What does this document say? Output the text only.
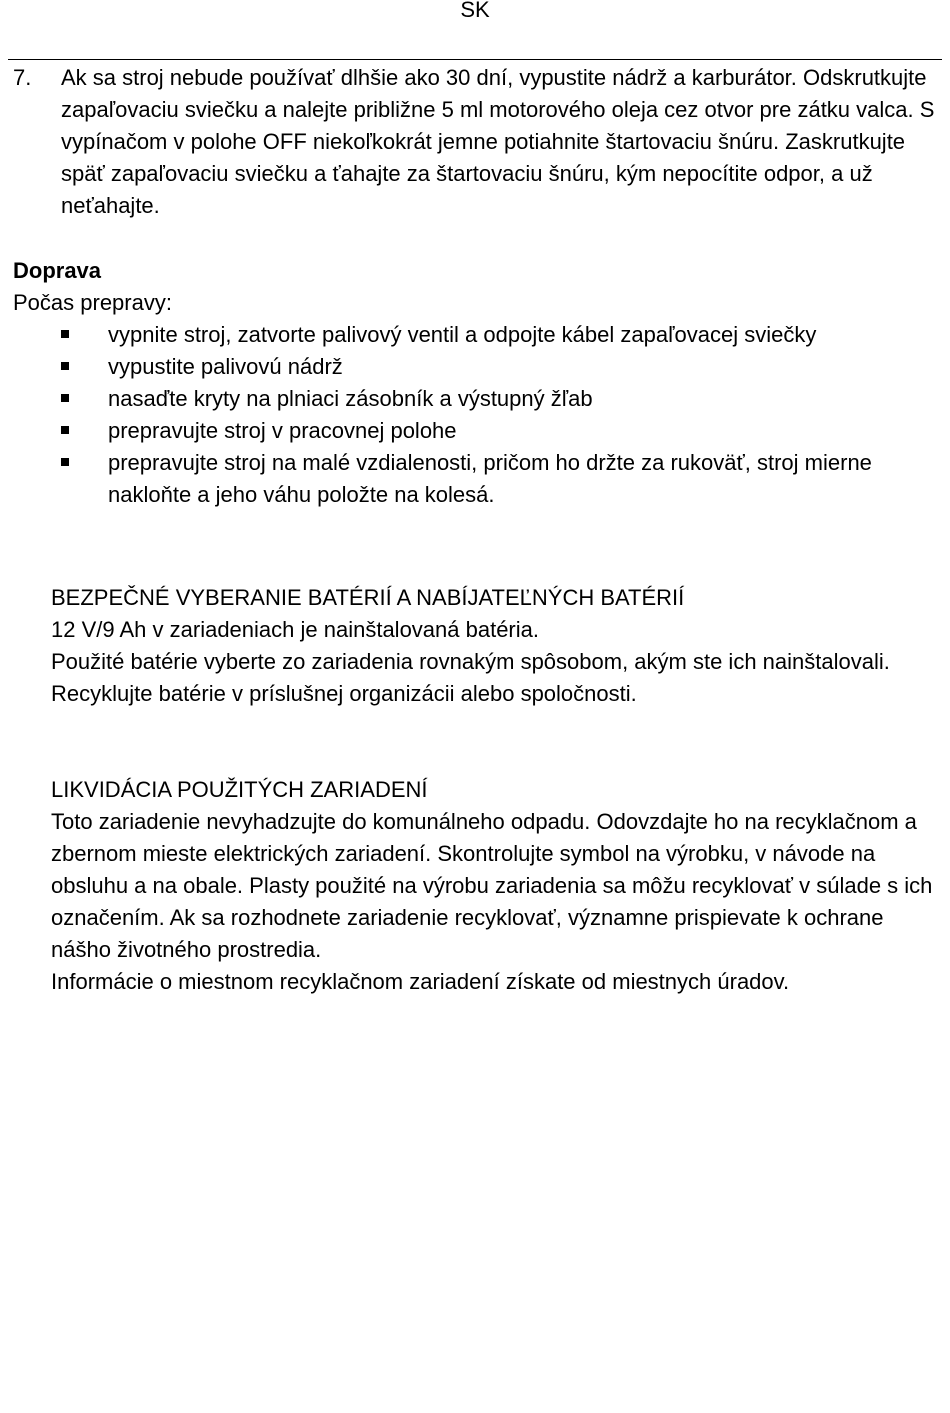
SK
7. Ak sa stroj nebude používať dlhšie ako 30 dní, vypustite nádrž a karburátor. Odskrutkujte zapaľovaciu sviečku a nalejte približne 5 ml motorového oleja cez otvor pre zátku valca. S vypínačom v polohe OFF niekoľkokrát jemne potiahnite štartovaciu šnúru. Zaskrutkujte späť zapaľovaciu sviečku a ťahajte za štartovaciu šnúru, kým nepocítite odpor, a už neťahajte.
Doprava
Počas prepravy:
vypnite stroj, zatvorte palivový ventil a odpojte kábel zapaľovacej sviečky
vypustite palivovú nádrž
nasaďte kryty na plniaci zásobník a výstupný žľab
prepravujte stroj v pracovnej polohe
prepravujte stroj na malé vzdialenosti, pričom ho držte za rukoväť, stroj mierne nakloňte a jeho váhu položte na kolesá.

BEZPEČNÉ VYBERANIE BATÉRIÍ A NABÍJATEĽNÝCH BATÉRIÍ

12 V/9 Ah v zariadeniach je nainštalovaná batéria.

Použité batérie vyberte zo zariadenia rovnakým spôsobom, akým ste ich nainštalovali.

Recyklujte batérie v príslušnej organizácii alebo spoločnosti.

LIKVIDÁCIA POUŽITÝCH ZARIADENÍ

Toto zariadenie nevyhadzujte do komunálneho odpadu. Odovzdajte ho na recyklačnom a zbernom mieste elektrických zariadení. Skontrolujte symbol na výrobku, v návode na obsluhu a na obale. Plasty použité na výrobu zariadenia sa môžu recyklovať v súlade s ich označením. Ak sa rozhodnete zariadenie recyklovať, významne prispievate k ochrane nášho životného prostredia.

Informácie o miestnom recyklačnom zariadení získate od miestnych úradov.
